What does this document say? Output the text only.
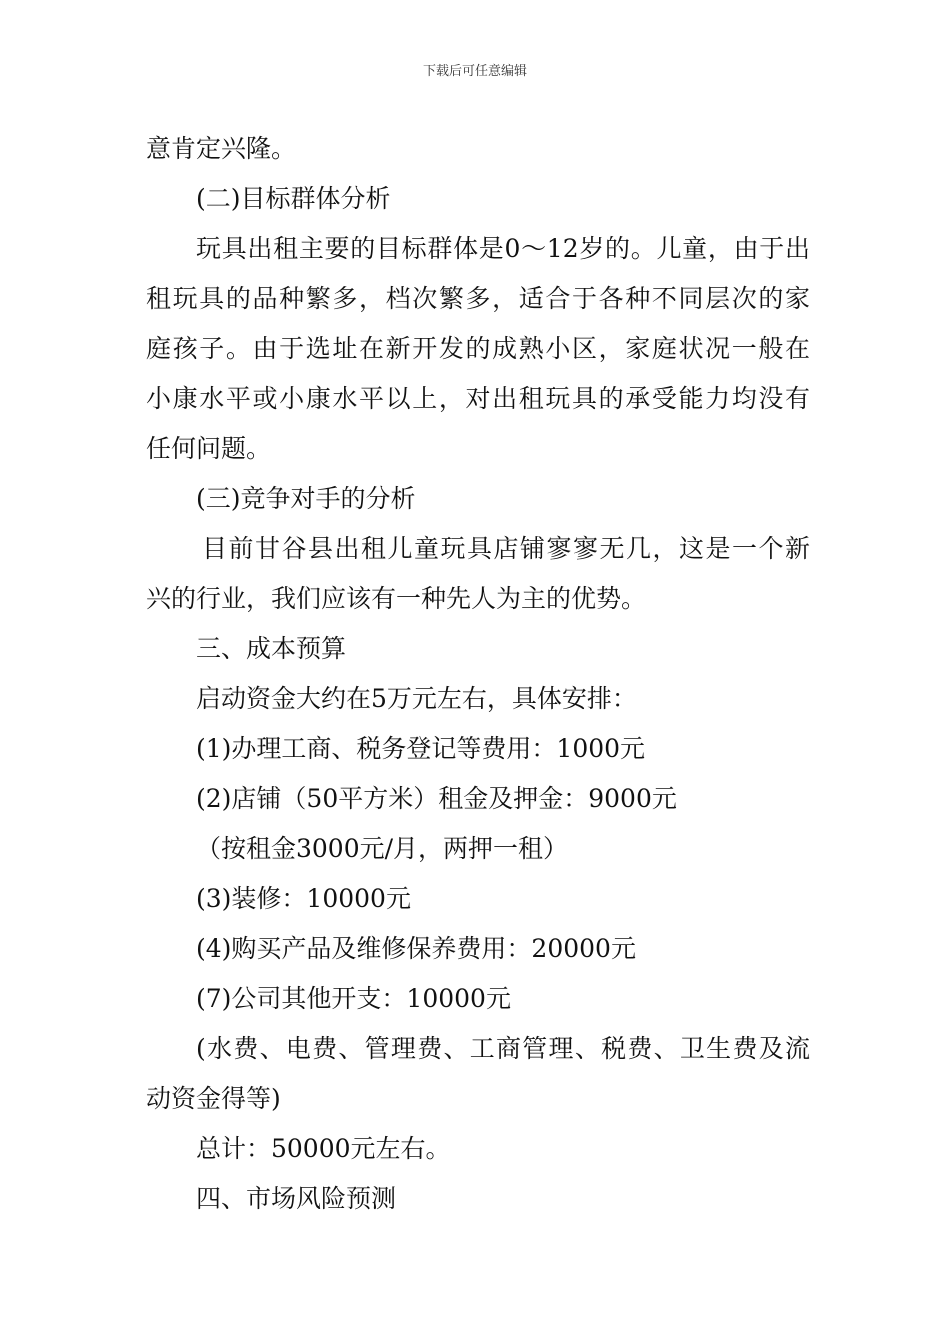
下载后可任意编辑
意肯定兴隆。
(二)目标群体分析
玩具出租主要的目标群体是0～12岁的。儿童，由于出
租玩具的品种繁多，档次繁多，适合于各种不同层次的家
庭孩子。由于选址在新开发的成熟小区，家庭状况一般在
小康水平或小康水平以上，对出租玩具的承受能力均没有
任何问题。
(三)竞争对手的分析
目前甘谷县出租儿童玩具店铺寥寥无几，这是一个新
兴的行业，我们应该有一种先人为主的优势。
三、成本预算
启动资金大约在5万元左右，具体安排：
(1)办理工商、税务登记等费用：1000元
(2)店铺（50平方米）租金及押金：9000元
（按租金3000元/月，两押一租）
(3)装修：10000元
(4)购买产品及维修保养费用：20000元
(7)公司其他开支：10000元
(水费、电费、管理费、工商管理、税费、卫生费及流
动资金得等)
总计：50000元左右。
四、市场风险预测
